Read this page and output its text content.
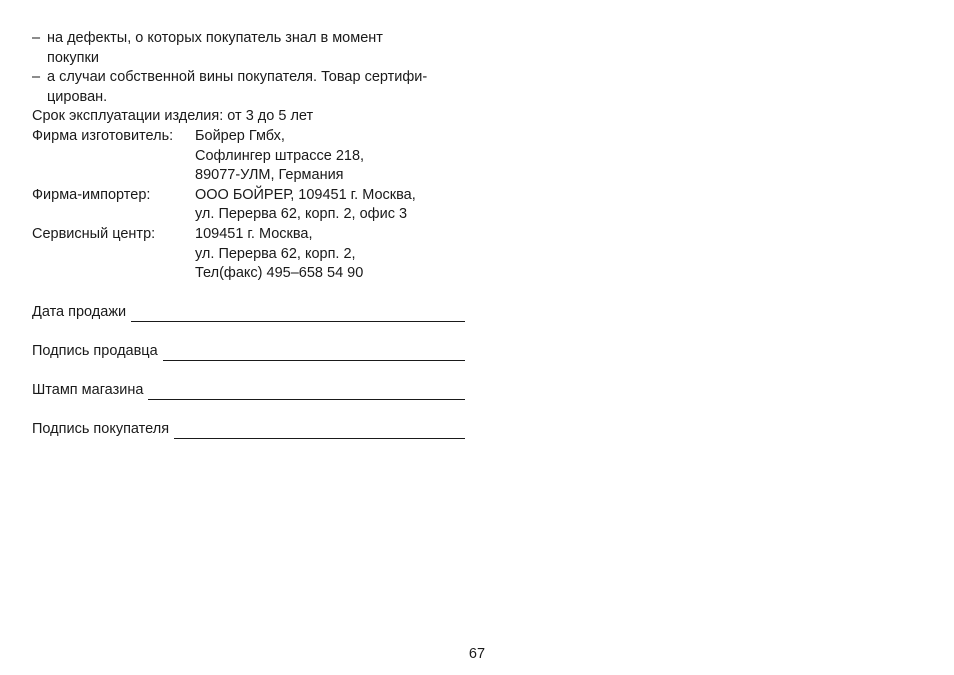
– на дефекты, о которых покупатель знал в момент
покупки
– а случаи собственной вины покупателя. Товар сертифи-
цирован.
Срок эксплуатации изделия: от 3 до 5 лет
Фирма изготовитель:	Бойрер Гмбх,
Софлингер штрассе 218,
89077-УЛМ, Германия
Фирма-импортер:	ООО БОЙРЕР, 109451 г. Москва,
ул. Перерва 62, корп. 2, офис 3
Сервисный центр:	109451 г. Москва,
ул. Перерва 62, корп. 2,
Тел(факс) 495–658 54 90
Дата продажи
Подпись продавца
Штамп магазина
Подпись покупателя
67
